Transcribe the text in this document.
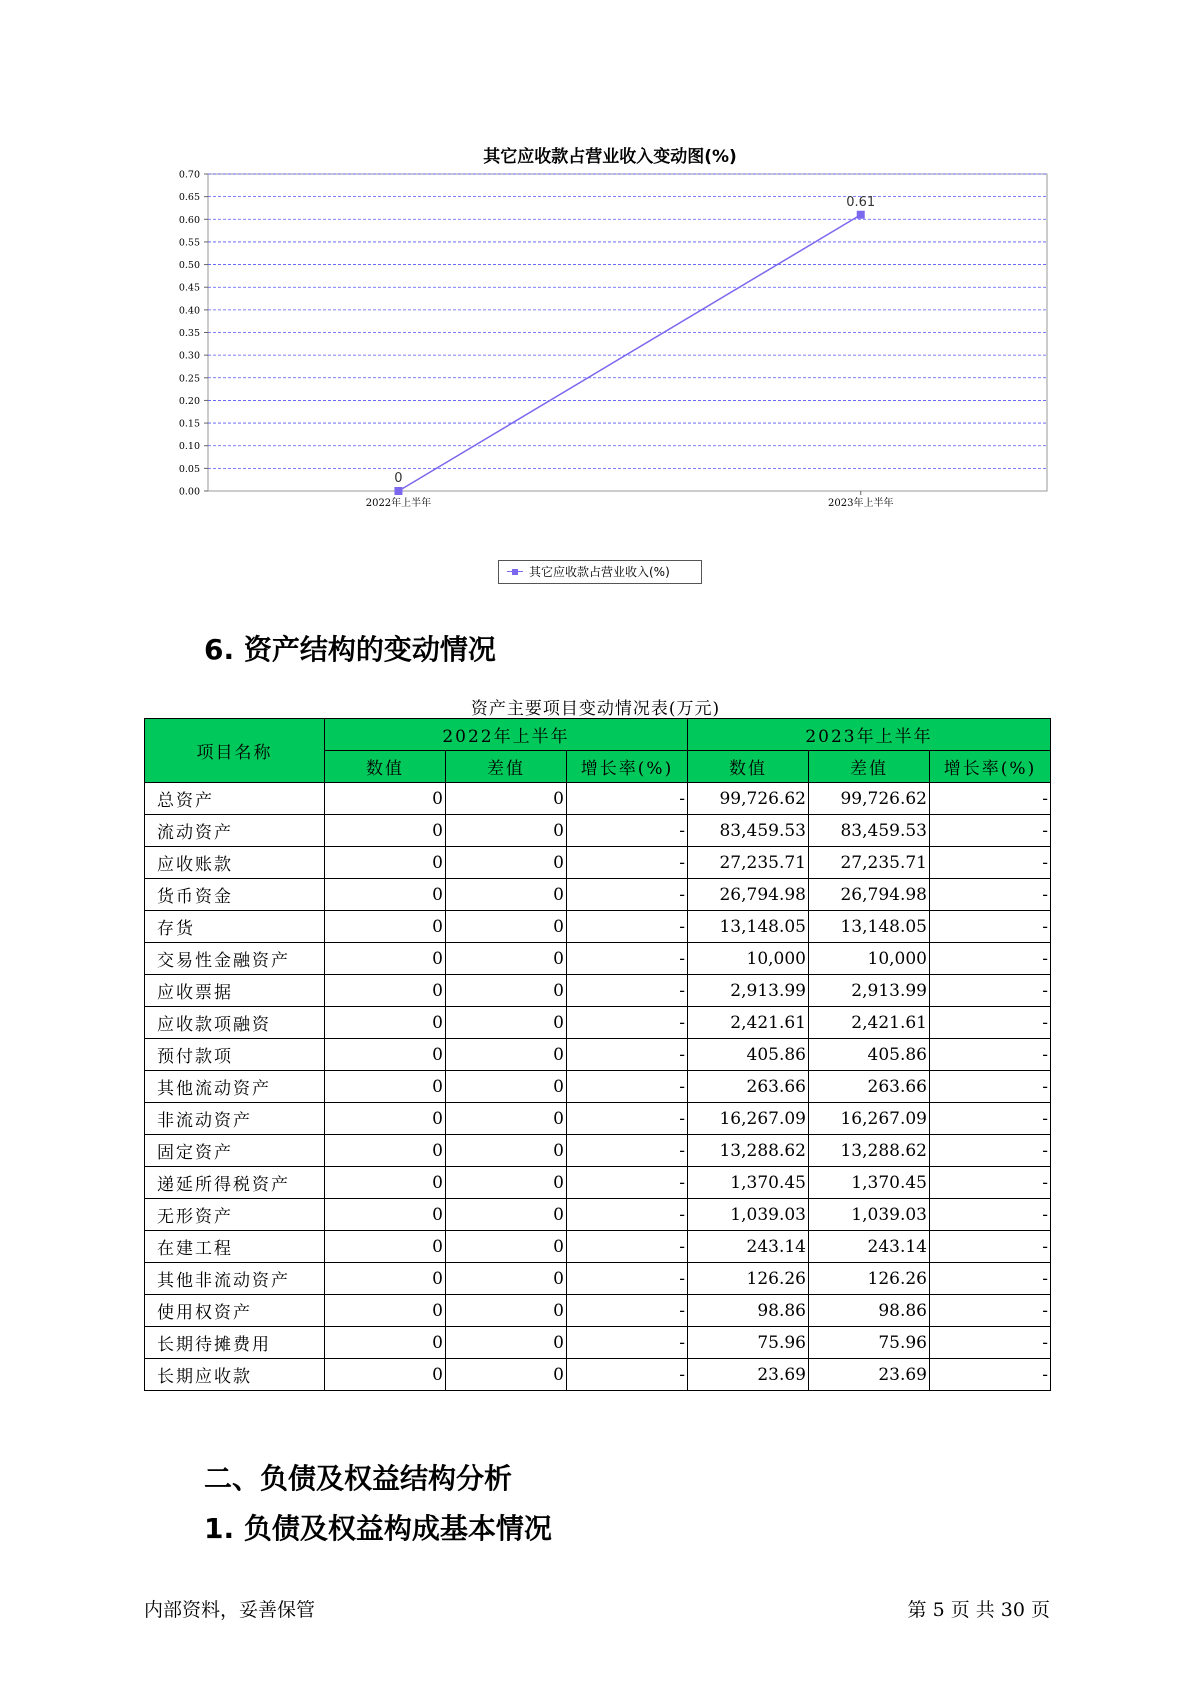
0.00
0.05
0.10
0.15
0.20
0.25
0.30
0.35
0.40
0.45
0.50
0.55
0.60
0.65
0.70
2022年上半年	2023年上半年
0
0.61
其它应收款占营业收入变动图(%)
其它应收款占营业收入(%)
6. 资产结构的变动情况
资产主要项目变动情况表(万元)
项目名称	2022年上半年			2023年上半年		
	数值	差值	增长率(%)	数值	差值	增长率(%)
总资产	0	0	-	99,726.62	99,726.62	-
流动资产	0	0	-	83,459.53	83,459.53	-
应收账款	0	0	-	27,235.71	27,235.71	-
货币资金	0	0	-	26,794.98	26,794.98	-
存货	0	0	-	13,148.05	13,148.05	-
交易性金融资产	0	0	-	10,000	10,000	-
应收票据	0	0	-	2,913.99	2,913.99	-
应收款项融资	0	0	-	2,421.61	2,421.61	-
预付款项	0	0	-	405.86	405.86	-
其他流动资产	0	0	-	263.66	263.66	-
非流动资产	0	0	-	16,267.09	16,267.09	-
固定资产	0	0	-	13,288.62	13,288.62	-
递延所得税资产	0	0	-	1,370.45	1,370.45	-
无形资产	0	0	-	1,039.03	1,039.03	-
在建工程	0	0	-	243.14	243.14	-
其他非流动资产	0	0	-	126.26	126.26	-
使用权资产	0	0	-	98.86	98.86	-
长期待摊费用	0	0	-	75.96	75.96	-
长期应收款	0	0	-	23.69	23.69	-
二、负债及权益结构分析
1. 负债及权益构成基本情况
内部资料，妥善保管	第 5 页 共 30 页
